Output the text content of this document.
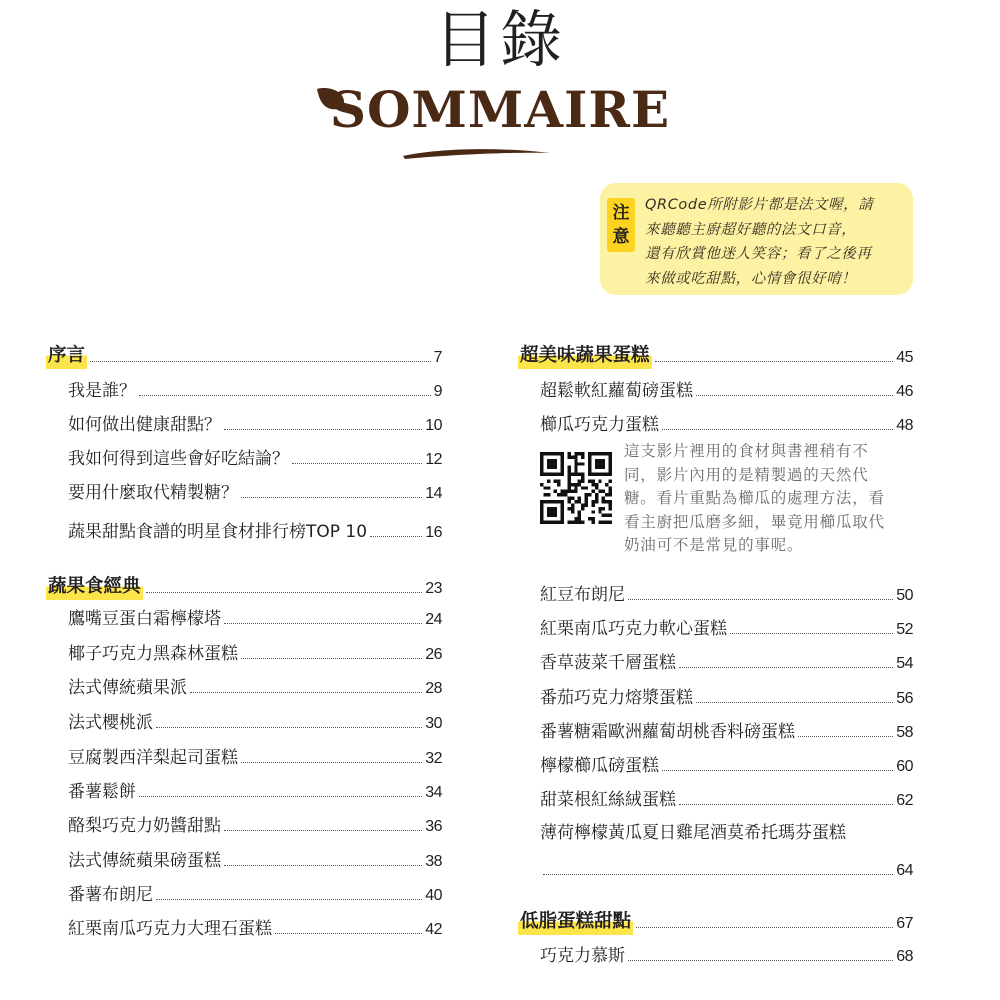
目錄
SOMMAIRE
注
意
QRCode所附影片都是法文喔，請
來聽聽主廚超好聽的法文口音，
還有欣賞他迷人笑容；看了之後再
來做或吃甜點，心情會很好唷！
序言	7
我是誰？	9
如何做出健康甜點？	10
我如何得到這些會好吃結論？	12
要用什麼取代精製糖？	14
蔬果甜點食譜的明星食材排行榜TOP 10	16
蔬果食經典	23
鷹嘴豆蛋白霜檸檬塔	24
椰子巧克力黑森林蛋糕	26
法式傳統蘋果派	28
法式櫻桃派	30
豆腐製西洋梨起司蛋糕	32
番薯鬆餅	34
酪梨巧克力奶醬甜點	36
法式傳統蘋果磅蛋糕	38
番薯布朗尼	40
紅栗南瓜巧克力大理石蛋糕	42
超美味蔬果蛋糕	45
超鬆軟紅蘿蔔磅蛋糕	46
櫛瓜巧克力蛋糕	48
紅豆布朗尼	50
紅栗南瓜巧克力軟心蛋糕	52
香草菠菜千層蛋糕	54
番茄巧克力熔漿蛋糕	56
番薯糖霜歐洲蘿蔔胡桃香料磅蛋糕	58
檸檬櫛瓜磅蛋糕	60
甜菜根紅絲絨蛋糕	62
薄荷檸檬黃瓜夏日雞尾酒莫希托瑪芬蛋糕
64
低脂蛋糕甜點	67
巧克力慕斯	68
這支影片裡用的食材與書裡稍有不
同，影片內用的是精製過的天然代
糖。看片重點為櫛瓜的處理方法，看
看主廚把瓜磨多細，畢竟用櫛瓜取代
奶油可不是常見的事呢。
